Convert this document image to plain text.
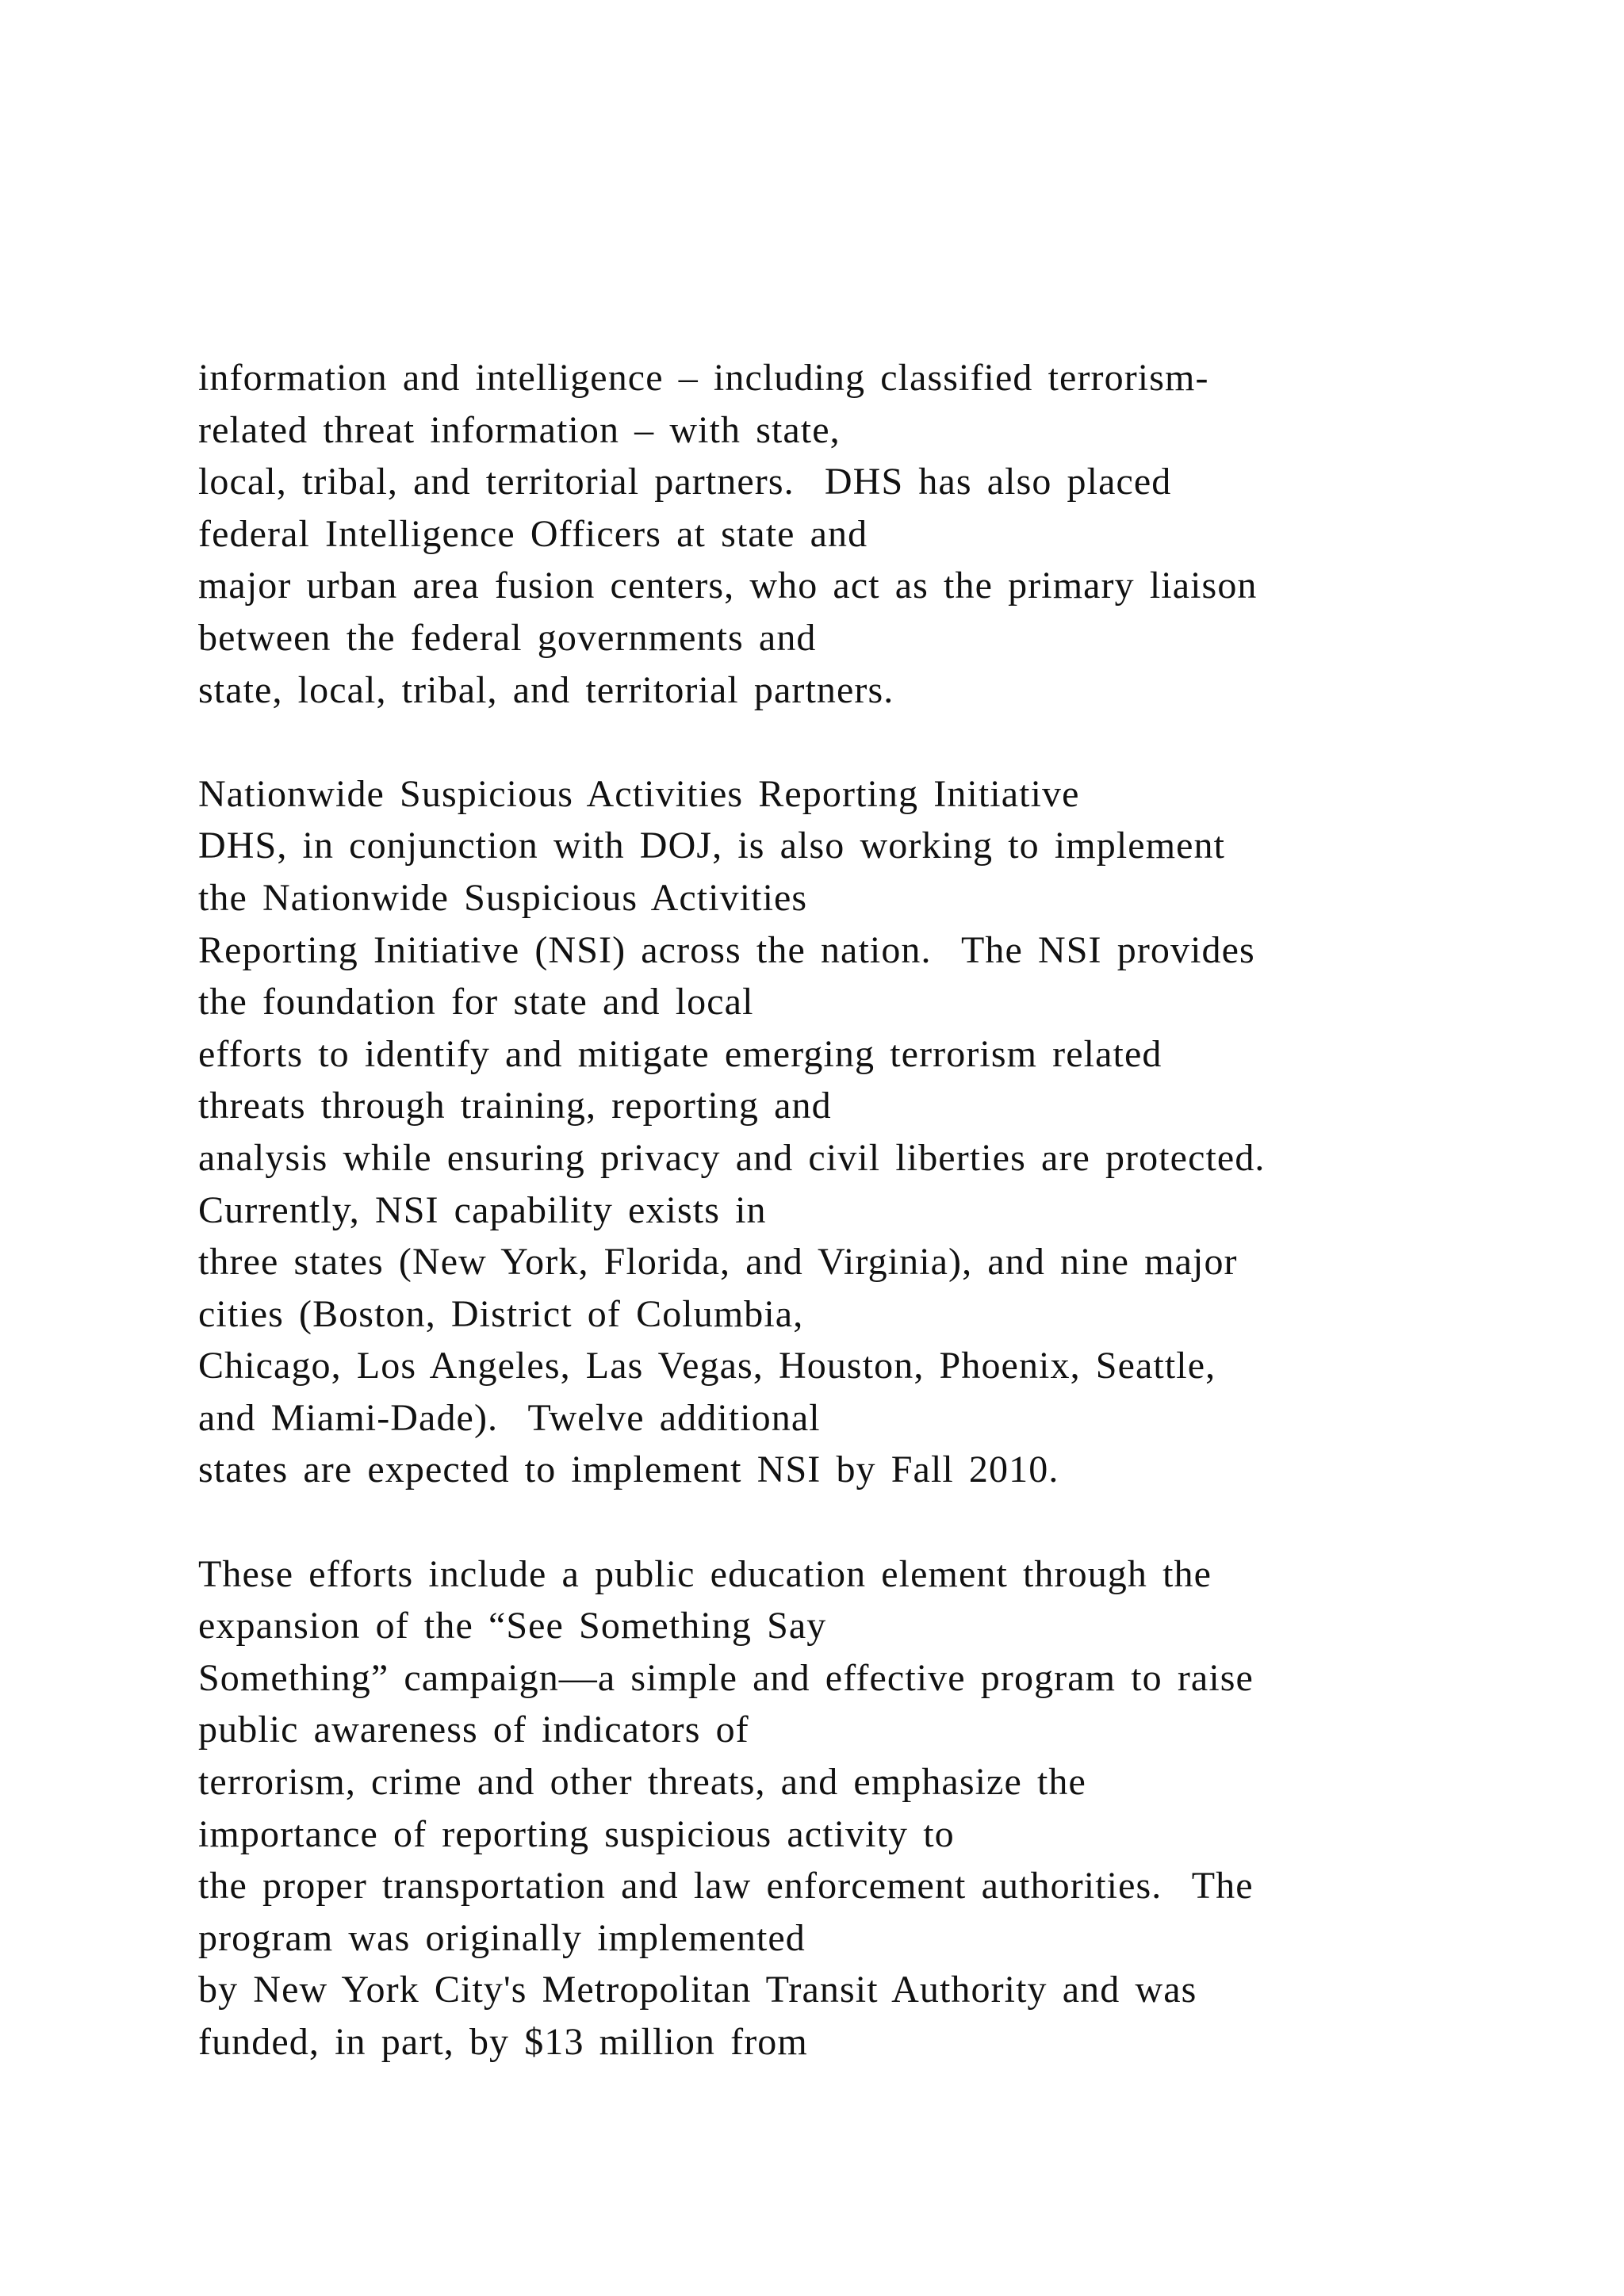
information and intelligence – including classified terrorism-
related threat information – with state,
local, tribal, and territorial partners.  DHS has also placed
federal Intelligence Officers at state and
major urban area fusion centers, who act as the primary liaison
between the federal governments and
state, local, tribal, and territorial partners.
Nationwide Suspicious Activities Reporting Initiative
DHS, in conjunction with DOJ, is also working to implement
the Nationwide Suspicious Activities
Reporting Initiative (NSI) across the nation.  The NSI provides
the foundation for state and local
efforts to identify and mitigate emerging terrorism related
threats through training, reporting and
analysis while ensuring privacy and civil liberties are protected.
Currently, NSI capability exists in
three states (New York, Florida, and Virginia), and nine major
cities (Boston, District of Columbia,
Chicago, Los Angeles, Las Vegas, Houston, Phoenix, Seattle,
and Miami-Dade).  Twelve additional
states are expected to implement NSI by Fall 2010.
These efforts include a public education element through the
expansion of the “See Something Say
Something” campaign—a simple and effective program to raise
public awareness of indicators of
terrorism, crime and other threats, and emphasize the
importance of reporting suspicious activity to
the proper transportation and law enforcement authorities.  The
program was originally implemented
by New York City's Metropolitan Transit Authority and was
funded, in part, by $13 million from
